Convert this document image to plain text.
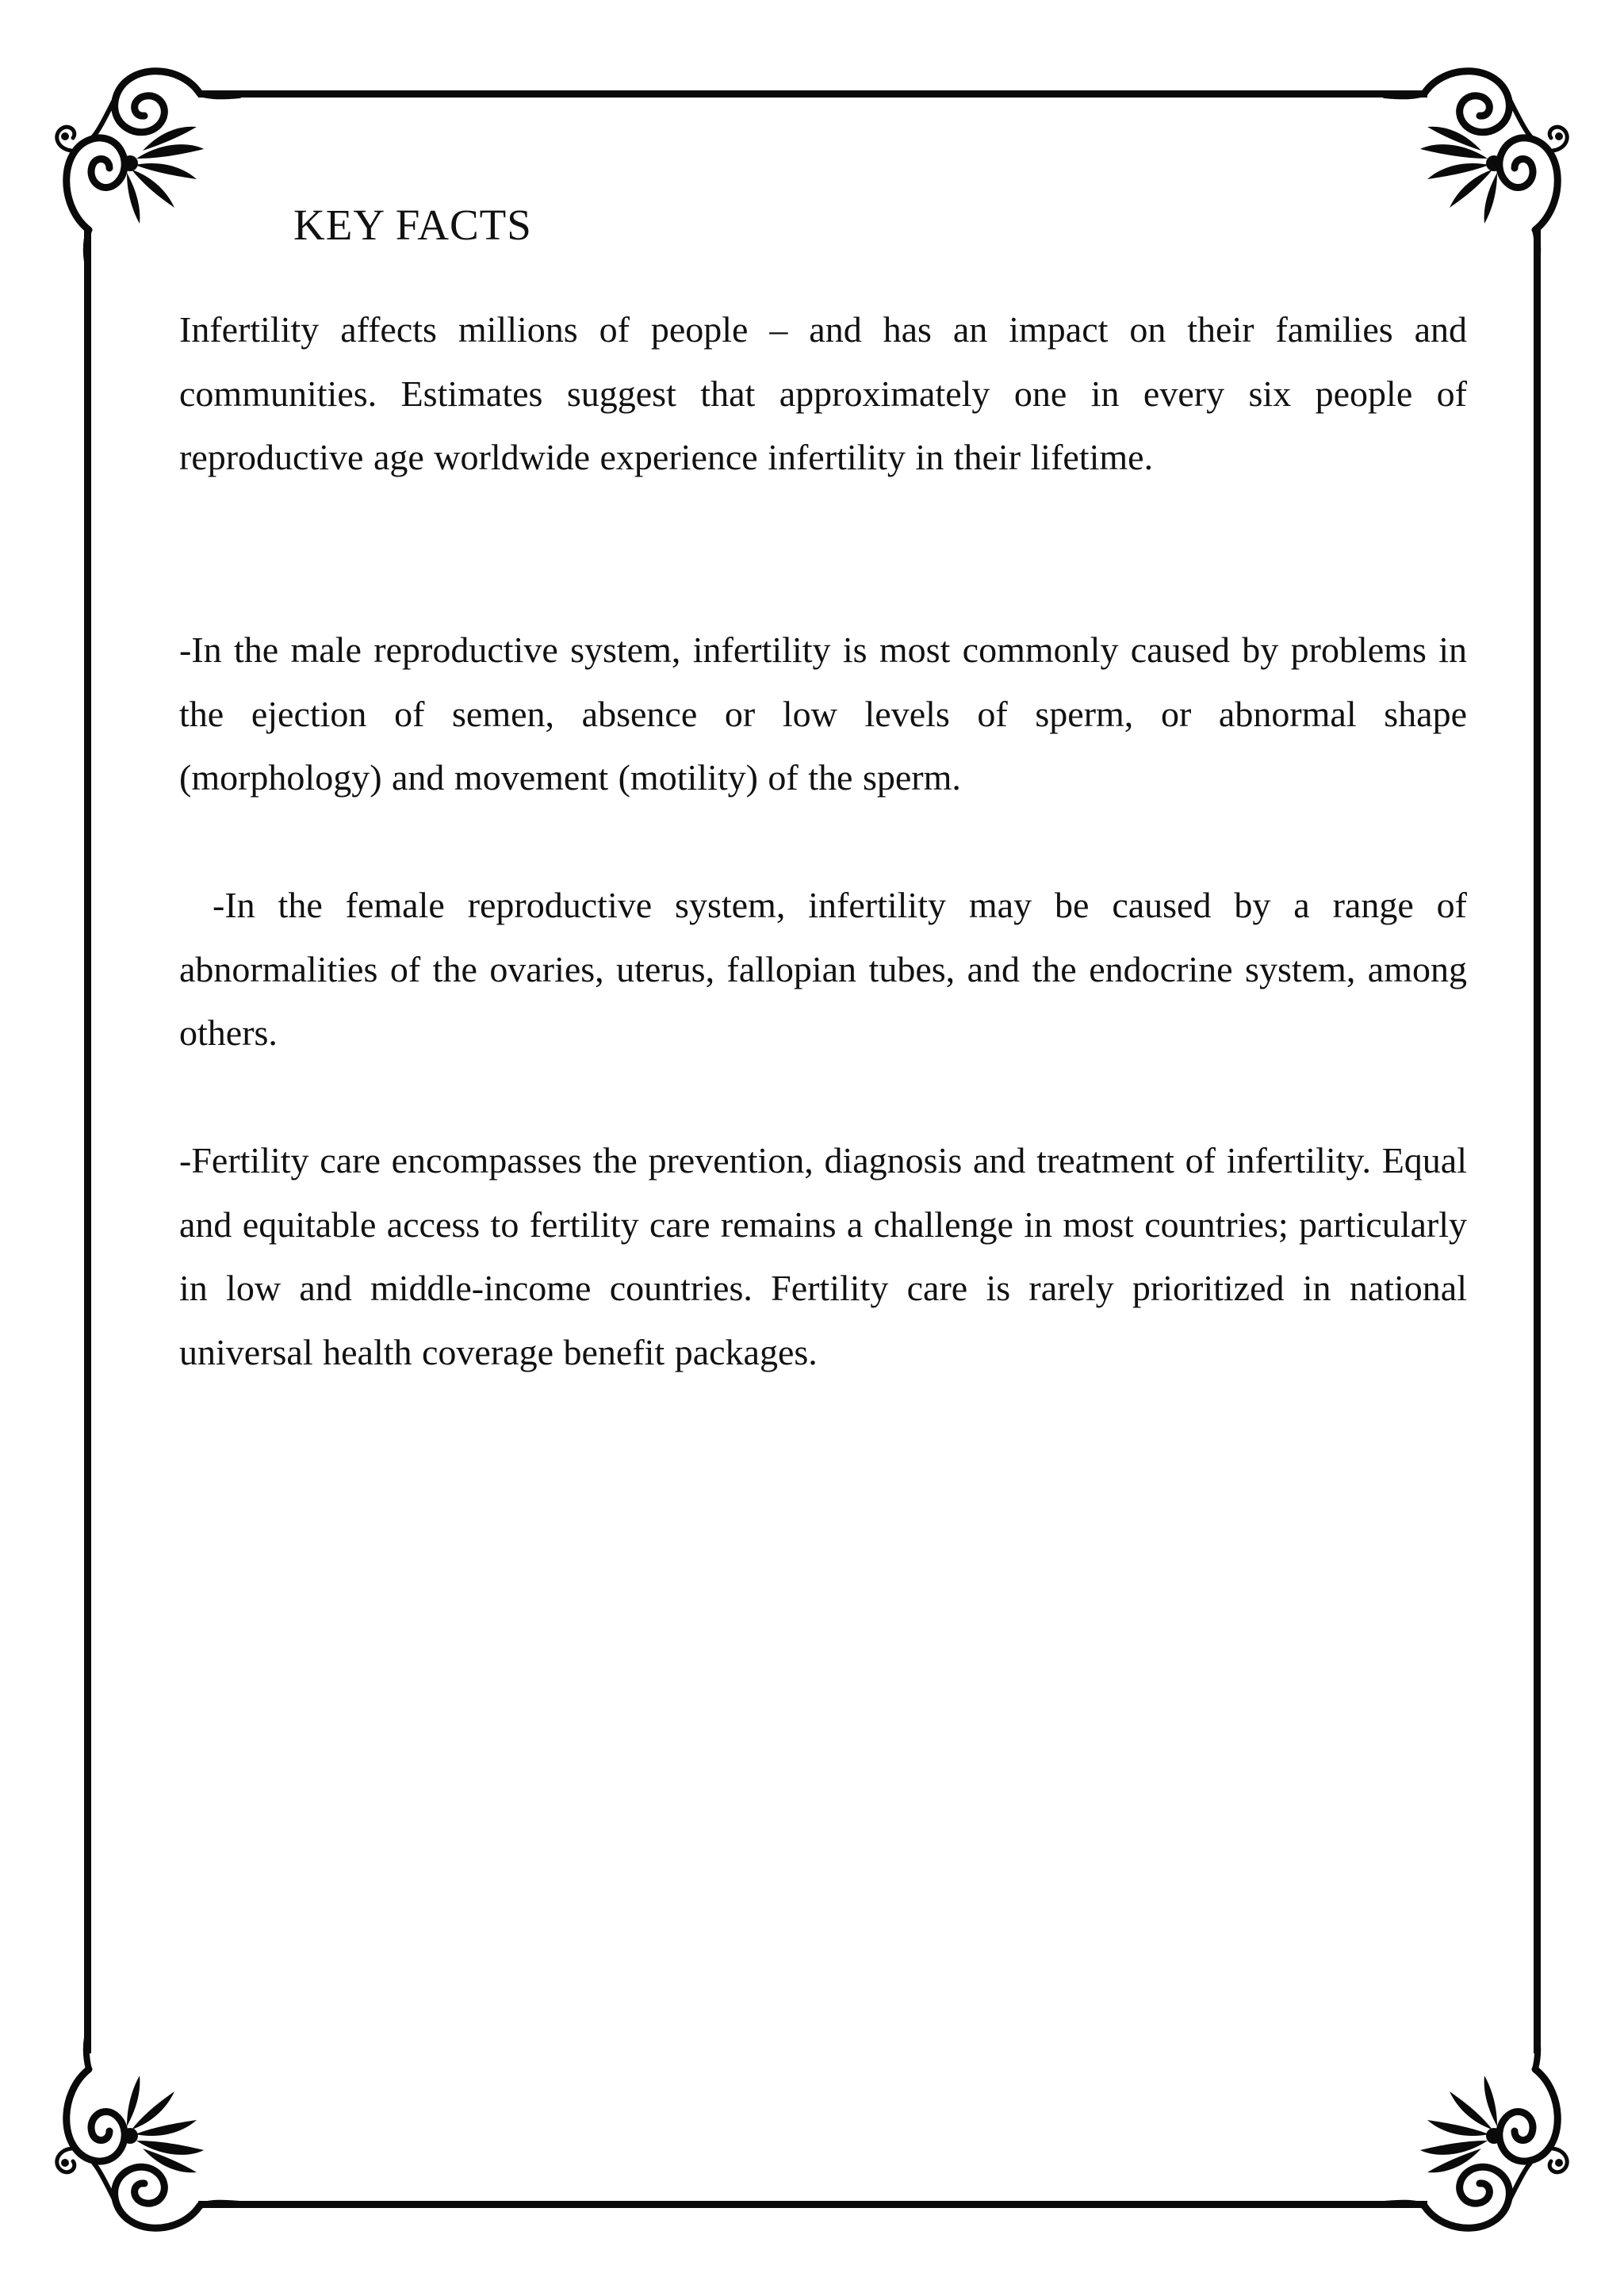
KEY FACTS

Infertility affects millions of people – and has an impact on their families and communities. Estimates suggest that approximately one in every six people of reproductive age worldwide experience infertility in their lifetime.

-In the male reproductive system, infertility is most commonly caused by problems in the ejection of semen, absence or low levels of sperm, or abnormal shape (morphology) and movement (motility) of the sperm.

-In the female reproductive system, infertility may be caused by a range of abnormalities of the ovaries, uterus, fallopian tubes, and the endocrine system, among others.

-Fertility care encompasses the prevention, diagnosis and treatment of infertility. Equal and equitable access to fertility care remains a challenge in most countries; particularly in low and middle-income countries. Fertility care is rarely prioritized in national universal health coverage benefit packages.
